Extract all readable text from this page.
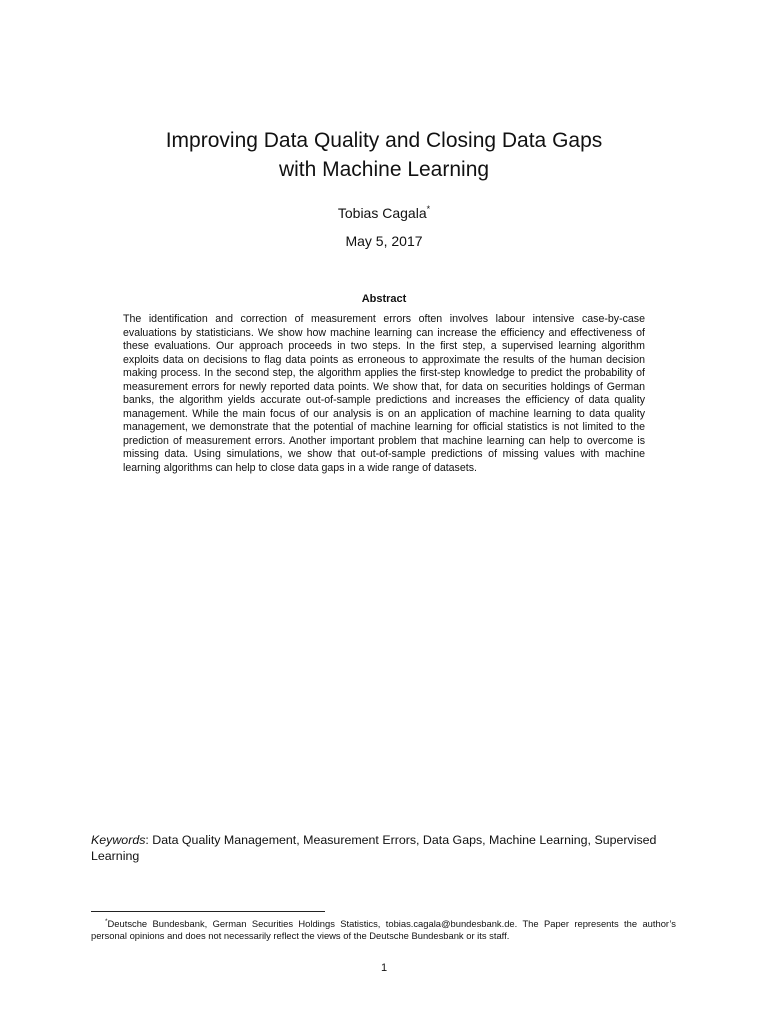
Improving Data Quality and Closing Data Gaps
with Machine Learning
Tobias Cagala*
May 5, 2017
Abstract

The identification and correction of measurement errors often involves labour intensive case-by-case evaluations by statisticians. We show how machine learning can increase the efficiency and effectiveness of these evaluations. Our approach proceeds in two steps. In the first step, a supervised learning algorithm exploits data on decisions to flag data points as erroneous to approximate the results of the human decision making process. In the second step, the algorithm applies the first-step knowledge to predict the probability of measurement errors for newly reported data points. We show that, for data on securities holdings of German banks, the algorithm yields accurate out-of-sample predictions and increases the efficiency of data quality management. While the main focus of our analysis is on an application of machine learning to data quality management, we demonstrate that the potential of machine learning for official statistics is not limited to the prediction of measurement errors. Another important problem that machine learning can help to overcome is missing data. Using simulations, we show that out-of-sample predictions of missing values with machine learning algorithms can help to close data gaps in a wide range of datasets.

Keywords: Data Quality Management, Measurement Errors, Data Gaps, Machine Learning, Supervised Learning
*Deutsche Bundesbank, German Securities Holdings Statistics, tobias.cagala@bundesbank.de. The Paper represents the author’s personal opinions and does not necessarily reflect the views of the Deutsche Bundesbank or its staff.
1
